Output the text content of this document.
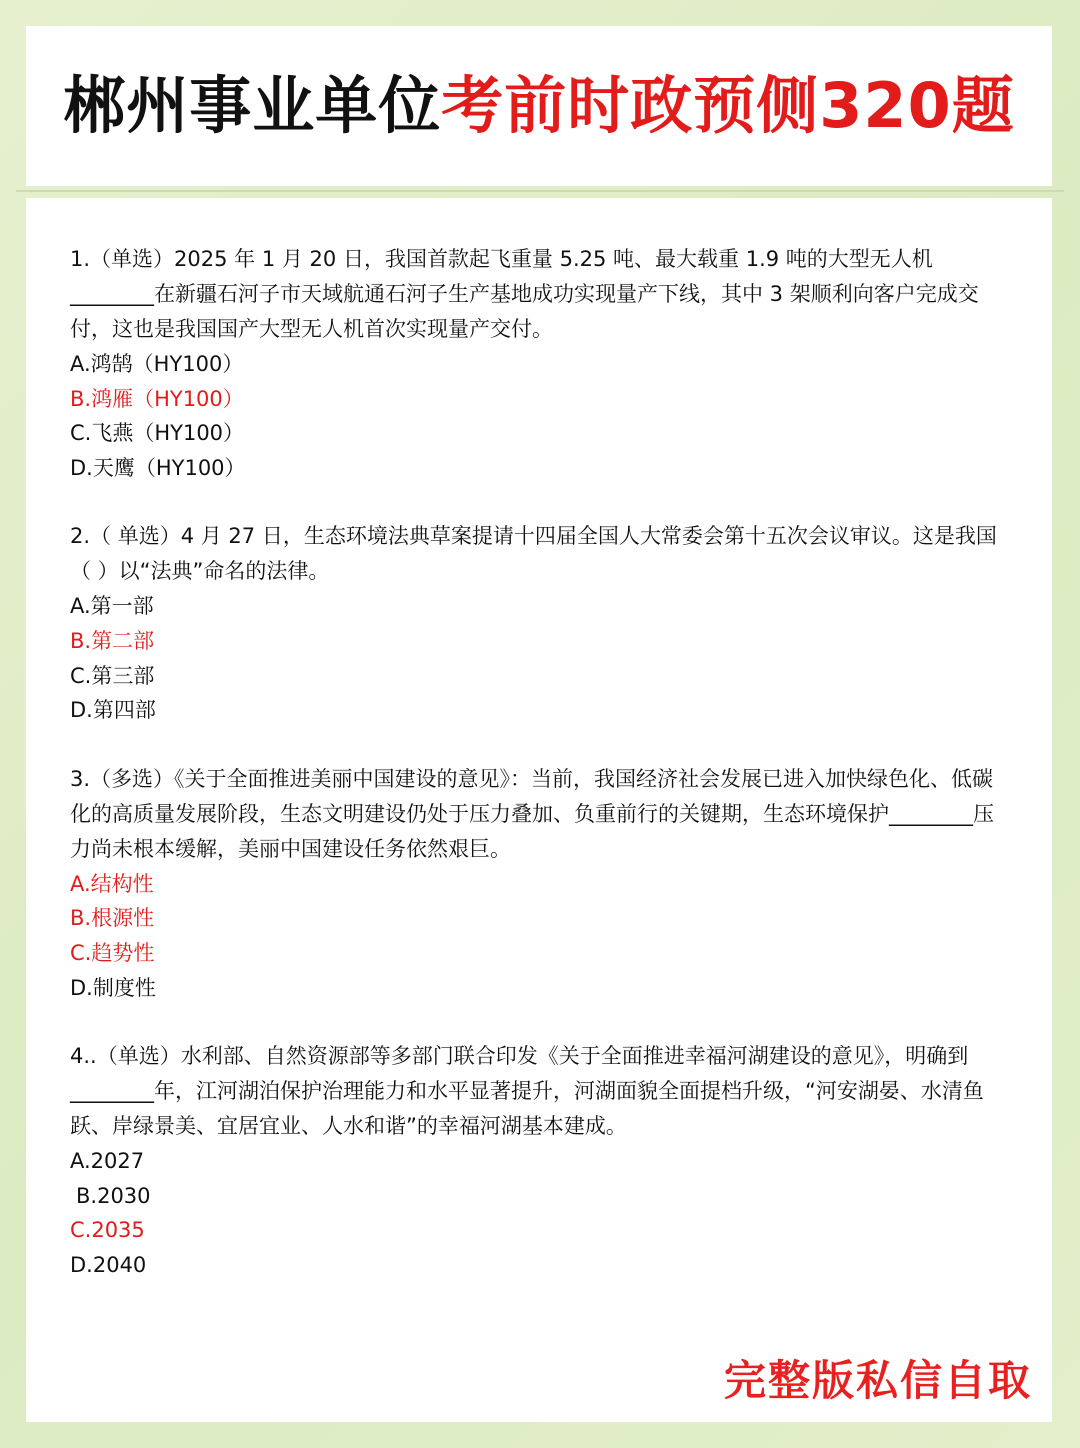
郴州事业单位考前时政预侧320题

1.（单选）2025 年 1 月 20 日，我国首款起飞重量 5.25 吨、最大载重 1.9 吨的大型无人机________在新疆石河子市天域航通石河子生产基地成功实现量产下线，其中 3 架顺利向客户完成交付，这也是我国国产大型无人机首次实现量产交付。

A.鸿鹄（HY100）
B.鸿雁（HY100）
C.飞燕（HY100）
D.天鹰（HY100）

2.（ 单选）4 月 27 日，生态环境法典草案提请十四届全国人大常委会第十五次会议审议。这是我国（ ）以“法典”命名的法律。

A.第一部
B.第二部
C.第三部
D.第四部

3.（多选）《关于全面推进美丽中国建设的意见》：当前，我国经济社会发展已进入加快绿色化、低碳化的高质量发展阶段，生态文明建设仍处于压力叠加、负重前行的关键期，生态环境保护________压力尚未根本缓解，美丽中国建设任务依然艰巨。

A.结构性
B.根源性
C.趋势性
D.制度性

4..（单选）水利部、自然资源部等多部门联合印发《关于全面推进幸福河湖建设的意见》，明确到________年，江河湖泊保护治理能力和水平显著提升，河湖面貌全面提档升级，“河安湖晏、水清鱼跃、岸绿景美、宜居宜业、人水和谐”的幸福河湖基本建成。

A.2027
B.2030
C.2035
D.2040
完整版私信自取
